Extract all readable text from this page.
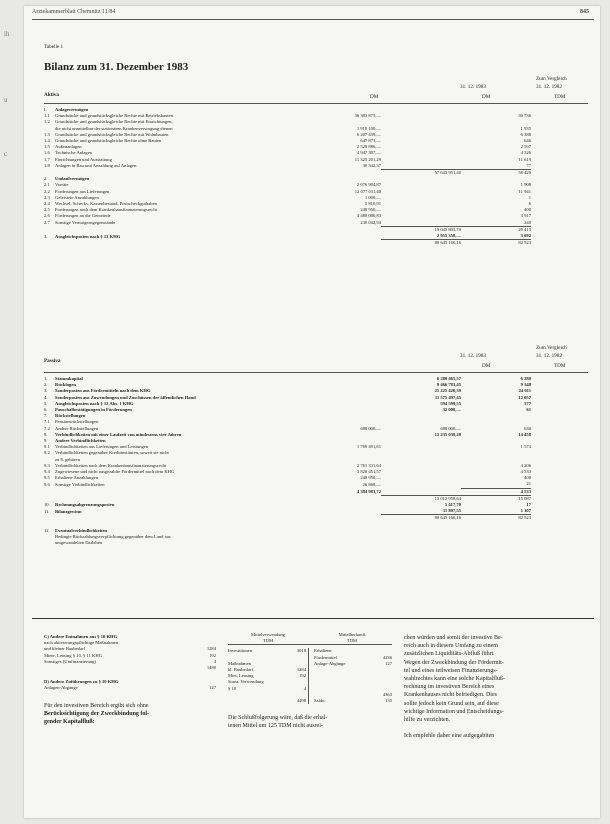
ih
u
c
Arztekammerblatt Chemnitz 11/84	845
Tabelle 1
Bilanz zum 31. Dezember 1983
Zum Vergleich
31. 12. 1983	31. 12. 1982
Aktiva	DM	DM	TDM
I.	Anlagevermögen			
1.1	Grundstücke und grundstücksgleiche Rechte mit Betriebsbauten	36 383 875,—		30 736
1.2	Grundstücke und grundstücksgleiche Rechte mit Einrichtungen,			
	die nicht unmittelbar der stationären Krankenversorgung dienen	1 910 100,—		1 935
1.3	Grundstücke und grundstücksgleiche Rechte mit Wohnbauten	6 207 439,—		6 388
1.4	Grundstücke und grundstücksgleiche Rechte ohne Bauten	647 873,—		646
1.5	Außenanlagen	2 520 886,—		2 597
1.6	Technische Anlagen	4 947 307,—		4 326
1.7	Einrichtungen und Ausstattung	11 325 201,29		11 619
1.8	Anlagen in Bau und Anzahlung auf Anlagen	30 342,37		77
			57 643 951,40	58 429
2.	Umlaufvermögen			
2.1	Vorräte	2 676 904,87		1 908
2.2	Forderungen aus Lieferungen	12 077 011,40		11 941
2.3	Geleistete Anzahlungen	1 000,—		1
2.4	Wechsel, Schecks, Kassenbestand, Postscheckguthaben	5 810,91		6
2.5	Forderungen nach dem Krankenhausfinanzierungsrecht	248 950,—		400
2.6	Forderungen an die Gemeinde	4 480 080,83		3 917
2.7	Sonstige Vermögensgegenstände	230 042,94		240
			19 045 805,70	20 413
3.	Ausgleichsposten nach § 13 KHG		2 955 358,—	3 692
			80 645 160,16	82 523
Zum Vergleich
31. 12. 1983	31. 12. 1982
Passiva
DM	TDM
1.	Stammkapital		6 280 465,57	6 280
2.	Rücklagen		9 466 783,45	9 348
3.	Sonderposten aus Fördermitteln nach dem KHG		25 225 420,39	24 011
4.	Sonderposten aus Zuwendungen und Zuschüssen der öffentlichen Hand		11 575 497,45	12 057
5.	Ausgleichsposten nach § 12 Abs. 1 KHG		594 599,55	577
6.	Pauschalbestätigungen in Förderungen		32 000,—	61
7.	Rückstellungen			
7.1	Pensionsrückstellungen			
7.2	Andere Rückstellungen	688 000,—	688 000,—	630
8.	Verbindlichkeiten mit einer Laufzeit von mindestens vier Jahren		13 235 038,28	14 458
9.	Andere Verbindlichkeiten			
9.1	Verbindlichkeiten aus Lieferungen und Leistungen	1 769 491,61		1 574
9.2	Verbindlichkeiten gegenüber Kreditinstituten, soweit sie nicht			
	zu 8. gehören			
9.3	Verbindlichkeiten nach dem Krankenhausfinanzierungsrecht	2 761 331,64		4 206
9.4	Zugewiesene und nicht ausgezahlte Fördermittel nach dem KHG	3 828 451,57		4 533
9.5	Erhaltene Anzahlungen	248 950,—		400
9.6	Sonstige Verbindlichkeiten	26 868,—		21
		4 384 983,72		4 533
			13 012 958,64	15 087
10.	Rechnungsabgrenzungsposten		5 417,70	17
11.	Bilanzgewinn		11 807,55	1 107
			80 645 160,16	82 523

12.	Eventualverbindlichkeiten			
	Bedingte Rückzahlungsverpflichtung gegenüber dem Land aus			
	umgewandelten Darlehen			

C) Andere Entnahmen aus § 10 KHG

nach aktivierungspflichtige Maßnahmen
und kleiner Baubedarf	1284
Miete, Leasing § 10, § 11 KHG	192
Sonstiges (Umfinanzierung)	4

1480

D) Andere Zuführungen zu § 10 KHG

Anlagen-Abgänge	127

Für den investiven Bereich ergibt sich ohne

Berücksichtigung der Zweckbindung fol-

gender Kapitalfluß:

Mittelverwendung
TDM
Mittelherkunft
TDM
Investitionen	3018

Maßnahmen
kl. Baubedarf	1284
Miet, Leasing	192
Sonst. Verwendung
§ 10	4

4498
Erhaltene
Fördermittel	4236
Anlage-Abgänge	127

4363
Saldo:	135

Die Schlußfolgerung wäre, daß die erhal-

tenen Mittel um 125 TDM nicht ausrei-

chen würden und somit der investive Be-

reich auch in diesem Umfang zu einem

zusätzlichen Liquiditäts-Abfluß führt.

Wegen der Zweckbindung der Fördermit-

tel und eines teilweisen Finanzierungs-

wahlrechtes kann eine solche Kapitalfluß-

rechnung im investiven Bereich eines

Krankenhauses nicht befriedigen. Dies

sollte jedoch kein Grund sein, auf diese

wichtige Information und Entscheidungs-

hilfe zu verzichten.

Ich empfehle daher eine aufgegabiten
